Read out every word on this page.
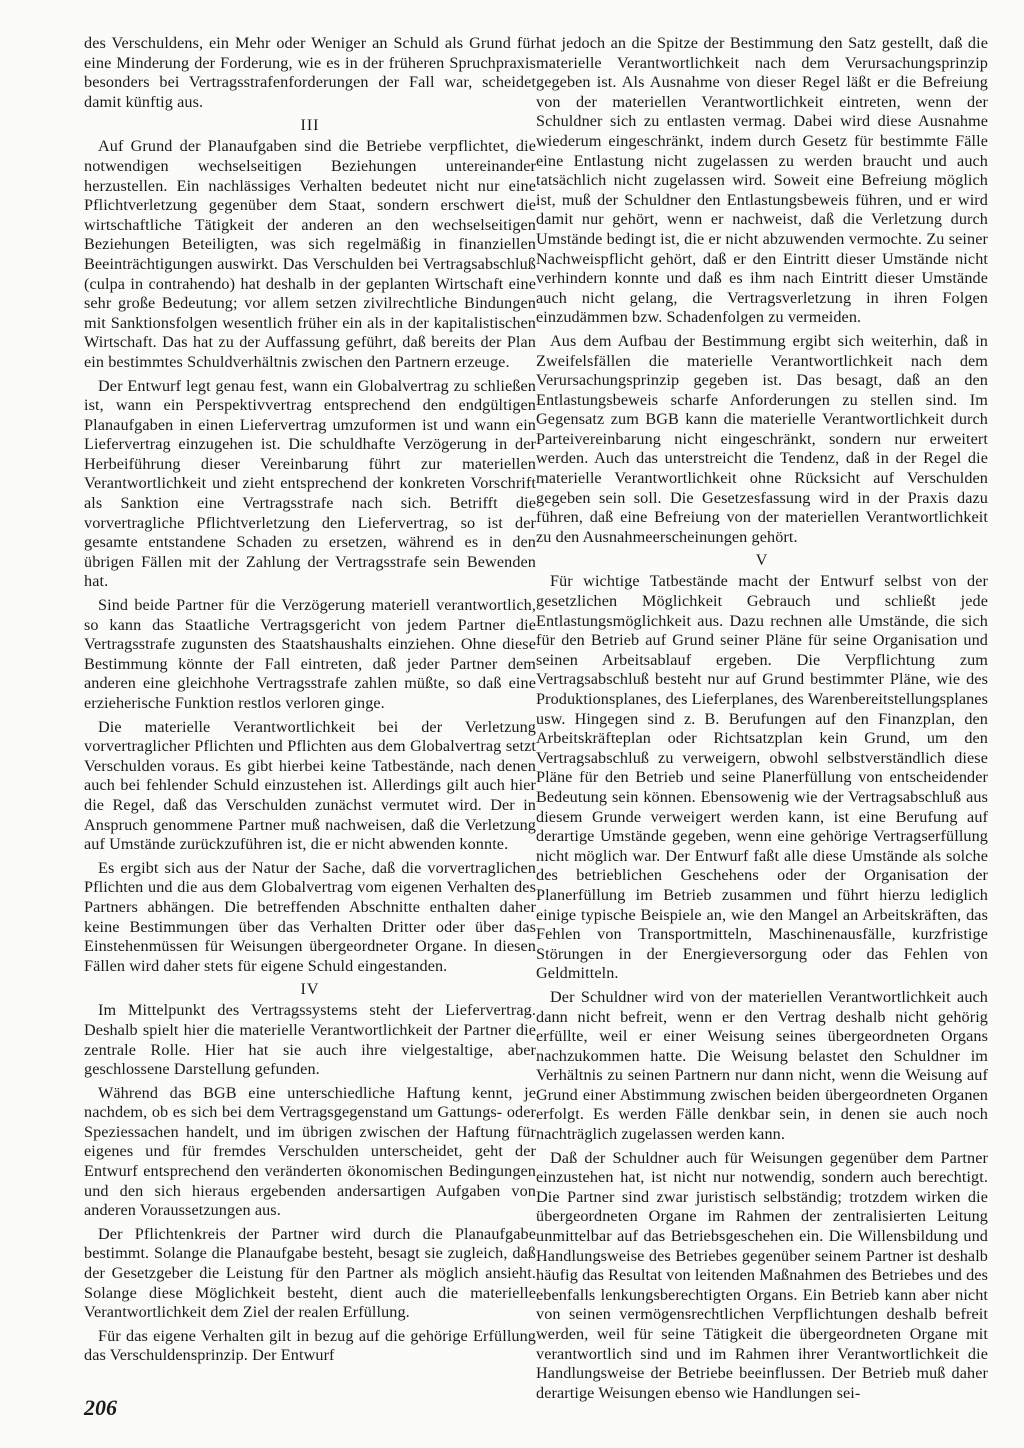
des Verschuldens, ein Mehr oder Weniger an Schuld als Grund für eine Minderung der Forderung, wie es in der früheren Spruchpraxis besonders bei Vertragsstrafenforderungen der Fall war, scheidet damit künftig aus.

III

Auf Grund der Planaufgaben sind die Betriebe verpflichtet, die notwendigen wechselseitigen Beziehungen untereinander herzustellen. Ein nachlässiges Verhalten bedeutet nicht nur eine Pflichtverletzung gegenüber dem Staat, sondern erschwert die wirtschaftliche Tätigkeit der anderen an den wechselseitigen Beziehungen Beteiligten, was sich regelmäßig in finanziellen Beeinträchtigungen auswirkt. Das Verschulden bei Vertragsabschluß (culpa in contrahendo) hat deshalb in der geplanten Wirtschaft eine sehr große Bedeutung; vor allem setzen zivilrechtliche Bindungen mit Sanktionsfolgen wesentlich früher ein als in der kapitalistischen Wirtschaft. Das hat zu der Auffassung geführt, daß bereits der Plan ein bestimmtes Schuldverhältnis zwischen den Partnern erzeuge.

Der Entwurf legt genau fest, wann ein Globalvertrag zu schließen ist, wann ein Perspektivvertrag entsprechend den endgültigen Planaufgaben in einen Liefervertrag umzuformen ist und wann ein Liefervertrag einzugehen ist. Die schuldhafte Verzögerung in der Herbeiführung dieser Vereinbarung führt zur materiellen Verantwortlichkeit und zieht entsprechend der konkreten Vorschrift als Sanktion eine Vertragsstrafe nach sich. Betrifft die vorvertragliche Pflichtverletzung den Liefervertrag, so ist der gesamte entstandene Schaden zu ersetzen, während es in den übrigen Fällen mit der Zahlung der Vertragsstrafe sein Bewenden hat.

Sind beide Partner für die Verzögerung materiell verantwortlich, so kann das Staatliche Vertragsgericht von jedem Partner die Vertragsstrafe zugunsten des Staatshaushalts einziehen. Ohne diese Bestimmung könnte der Fall eintreten, daß jeder Partner dem anderen eine gleichhohe Vertragsstrafe zahlen müßte, so daß eine erzieherische Funktion restlos verloren ginge.

Die materielle Verantwortlichkeit bei der Verletzung vorvertraglicher Pflichten und Pflichten aus dem Globalvertrag setzt Verschulden voraus. Es gibt hierbei keine Tatbestände, nach denen auch bei fehlender Schuld einzustehen ist. Allerdings gilt auch hier die Regel, daß das Verschulden zunächst vermutet wird. Der in Anspruch genommene Partner muß nachweisen, daß die Verletzung auf Umstände zurückzuführen ist, die er nicht abwenden konnte.

Es ergibt sich aus der Natur der Sache, daß die vorvertraglichen Pflichten und die aus dem Globalvertrag vom eigenen Verhalten des Partners abhängen. Die betreffenden Abschnitte enthalten daher keine Bestimmungen über das Verhalten Dritter oder über das Einstehenmüssen für Weisungen übergeordneter Organe. In diesen Fällen wird daher stets für eigene Schuld eingestanden.

IV

Im Mittelpunkt des Vertragssystems steht der Liefervertrag. Deshalb spielt hier die materielle Verantwortlichkeit der Partner die zentrale Rolle. Hier hat sie auch ihre vielgestaltige, aber geschlossene Darstellung gefunden.

Während das BGB eine unterschiedliche Haftung kennt, je nachdem, ob es sich bei dem Vertragsgegenstand um Gattungs- oder Speziessachen handelt, und im übrigen zwischen der Haftung für eigenes und für fremdes Verschulden unterscheidet, geht der Entwurf entsprechend den veränderten ökonomischen Bedingungen und den sich hieraus ergebenden andersartigen Aufgaben von anderen Voraussetzungen aus.

Der Pflichtenkreis der Partner wird durch die Planaufgabe bestimmt. Solange die Planaufgabe besteht, besagt sie zugleich, daß der Gesetzgeber die Leistung für den Partner als möglich ansieht. Solange diese Möglichkeit besteht, dient auch die materielle Verantwortlichkeit dem Ziel der realen Erfüllung.

Für das eigene Verhalten gilt in bezug auf die gehörige Erfüllung das Verschuldensprinzip. Der Entwurf

hat jedoch an die Spitze der Bestimmung den Satz gestellt, daß die materielle Verantwortlichkeit nach dem Verursachungsprinzip gegeben ist. Als Ausnahme von dieser Regel läßt er die Befreiung von der materiellen Verantwortlichkeit eintreten, wenn der Schuldner sich zu entlasten vermag. Dabei wird diese Ausnahme wiederum eingeschränkt, indem durch Gesetz für bestimmte Fälle eine Entlastung nicht zugelassen zu werden braucht und auch tatsächlich nicht zugelassen wird. Soweit eine Befreiung möglich ist, muß der Schuldner den Entlastungsbeweis führen, und er wird damit nur gehört, wenn er nachweist, daß die Verletzung durch Umstände bedingt ist, die er nicht abzuwenden vermochte. Zu seiner Nachweispflicht gehört, daß er den Eintritt dieser Umstände nicht verhindern konnte und daß es ihm nach Eintritt dieser Umstände auch nicht gelang, die Vertragsverletzung in ihren Folgen einzudämmen bzw. Schadenfolgen zu vermeiden.

Aus dem Aufbau der Bestimmung ergibt sich weiterhin, daß in Zweifelsfällen die materielle Verantwortlichkeit nach dem Verursachungsprinzip gegeben ist. Das besagt, daß an den Entlastungsbeweis scharfe Anforderungen zu stellen sind. Im Gegensatz zum BGB kann die materielle Verantwortlichkeit durch Parteivereinbarung nicht eingeschränkt, sondern nur erweitert werden. Auch das unterstreicht die Tendenz, daß in der Regel die materielle Verantwortlichkeit ohne Rücksicht auf Verschulden gegeben sein soll. Die Gesetzesfassung wird in der Praxis dazu führen, daß eine Befreiung von der materiellen Verantwortlichkeit zu den Ausnahmeerscheinungen gehört.

V

Für wichtige Tatbestände macht der Entwurf selbst von der gesetzlichen Möglichkeit Gebrauch und schließt jede Entlastungsmöglichkeit aus. Dazu rechnen alle Umstände, die sich für den Betrieb auf Grund seiner Pläne für seine Organisation und seinen Arbeitsablauf ergeben. Die Verpflichtung zum Vertragsabschluß besteht nur auf Grund bestimmter Pläne, wie des Produktionsplanes, des Lieferplanes, des Warenbereitstellungsplanes usw. Hingegen sind z. B. Berufungen auf den Finanzplan, den Arbeitskräfteplan oder Richtsatzplan kein Grund, um den Vertragsabschluß zu verweigern, obwohl selbstverständlich diese Pläne für den Betrieb und seine Planerfüllung von entscheidender Bedeutung sein können. Ebensowenig wie der Vertragsabschluß aus diesem Grunde verweigert werden kann, ist eine Berufung auf derartige Umstände gegeben, wenn eine gehörige Vertragserfüllung nicht möglich war. Der Entwurf faßt alle diese Umstände als solche des betrieblichen Geschehens oder der Organisation der Planerfüllung im Betrieb zusammen und führt hierzu lediglich einige typische Beispiele an, wie den Mangel an Arbeitskräften, das Fehlen von Transportmitteln, Maschinenausfälle, kurzfristige Störungen in der Energieversorgung oder das Fehlen von Geldmitteln.

Der Schuldner wird von der materiellen Verantwortlichkeit auch dann nicht befreit, wenn er den Vertrag deshalb nicht gehörig erfüllte, weil er einer Weisung seines übergeordneten Organs nachzukommen hatte. Die Weisung belastet den Schuldner im Verhältnis zu seinen Partnern nur dann nicht, wenn die Weisung auf Grund einer Abstimmung zwischen beiden übergeordneten Organen erfolgt. Es werden Fälle denkbar sein, in denen sie auch noch nachträglich zugelassen werden kann.

Daß der Schuldner auch für Weisungen gegenüber dem Partner einzustehen hat, ist nicht nur notwendig, sondern auch berechtigt. Die Partner sind zwar juristisch selbständig; trotzdem wirken die übergeordneten Organe im Rahmen der zentralisierten Leitung unmittelbar auf das Betriebsgeschehen ein. Die Willensbildung und Handlungsweise des Betriebes gegenüber seinem Partner ist deshalb häufig das Resultat von leitenden Maßnahmen des Betriebes und des ebenfalls lenkungsberechtigten Organs. Ein Betrieb kann aber nicht von seinen vermögensrechtlichen Verpflichtungen deshalb befreit werden, weil für seine Tätigkeit die übergeordneten Organe mit verantwortlich sind und im Rahmen ihrer Verantwortlichkeit die Handlungsweise der Betriebe beeinflussen. Der Betrieb muß daher derartige Weisungen ebenso wie Handlungen sei-

206
